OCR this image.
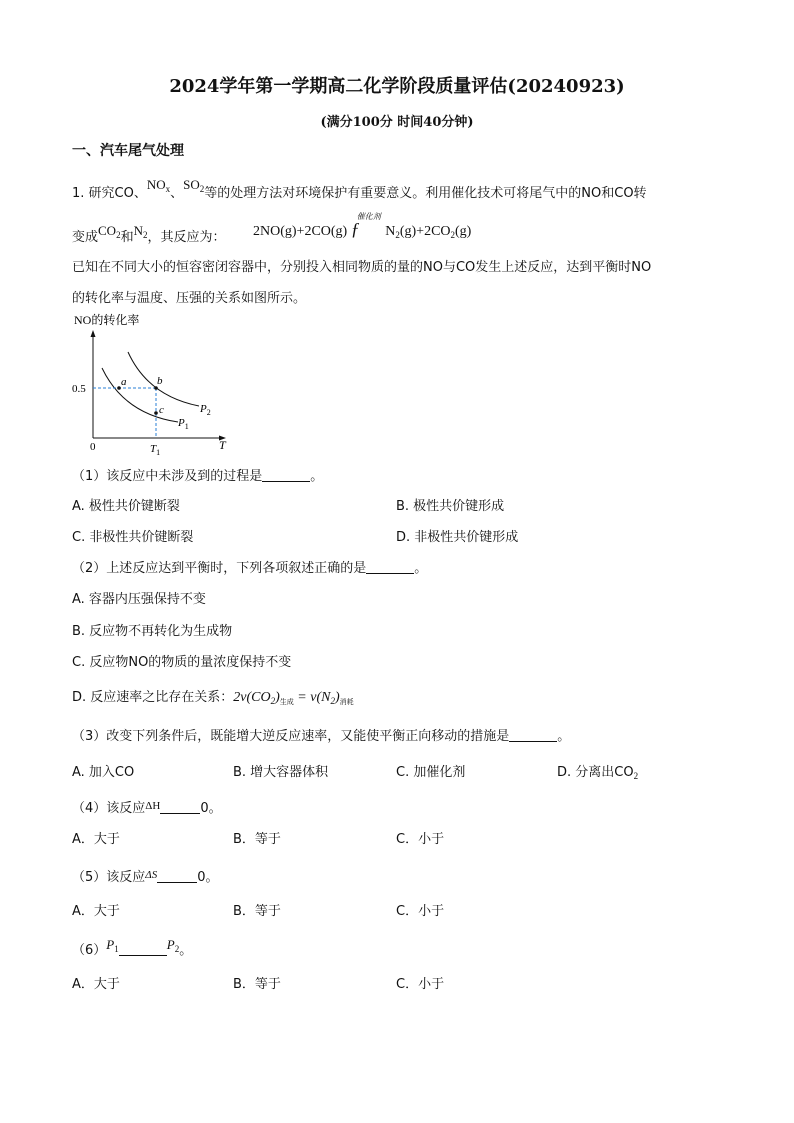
2024学年第一学期高二化学阶段质量评估(20240923)
(满分100分 时间40分钟)
一、汽车尾气处理
1. 研究CO、$NO_x$、$SO_2$等的处理方法对环境保护有重要意义。利用催化技术可将尾气中的NO和CO转
变成$CO_2$和$N_2$，其反应为： 2NO(g)+2CO(g) ƒ
催化剂
$N_2(g)+2CO_2(g)$
已知在不同大小的恒容密闭容器中，分别投入相同物质的量的NO与CO发生上述反应，达到平衡时NO
的转化率与温度、压强的关系如图所示。
NO的转化率
a	b
c
0.5
0	$T_1$
T
$P_2$
$P_1$
（1）该反应中未涉及到的过程是	。
A. 极性共价键断裂	B. 极性共价键形成
C. 非极性共价键断裂	D. 非极性共价键形成
（2）上述反应达到平衡时，下列各项叙述正确的是	。
A. 容器内压强保持不变
B. 反应物不再转化为生成物
C. 反应物NO的物质的量浓度保持不变
D. 反应速率之比存在关系：$2v(CO_2)_{生成} = v(N_2)_{消耗}$
（3）改变下列条件后，既能增大逆反应速率，又能使平衡正向移动的措施是	。
A. 加入CO	B. 增大容器体积	C. 加催化剂	D. 分离出$CO_2$
（4）该反应$^{\Delta H}$	0。
A．大于	B．等于	C．小于
（5）该反应$^{\Delta S}$	0。
A．大于	B．等于	C．小于
$(6)P_1$	$P_2$。
A．大于	B．等于	C．小于
